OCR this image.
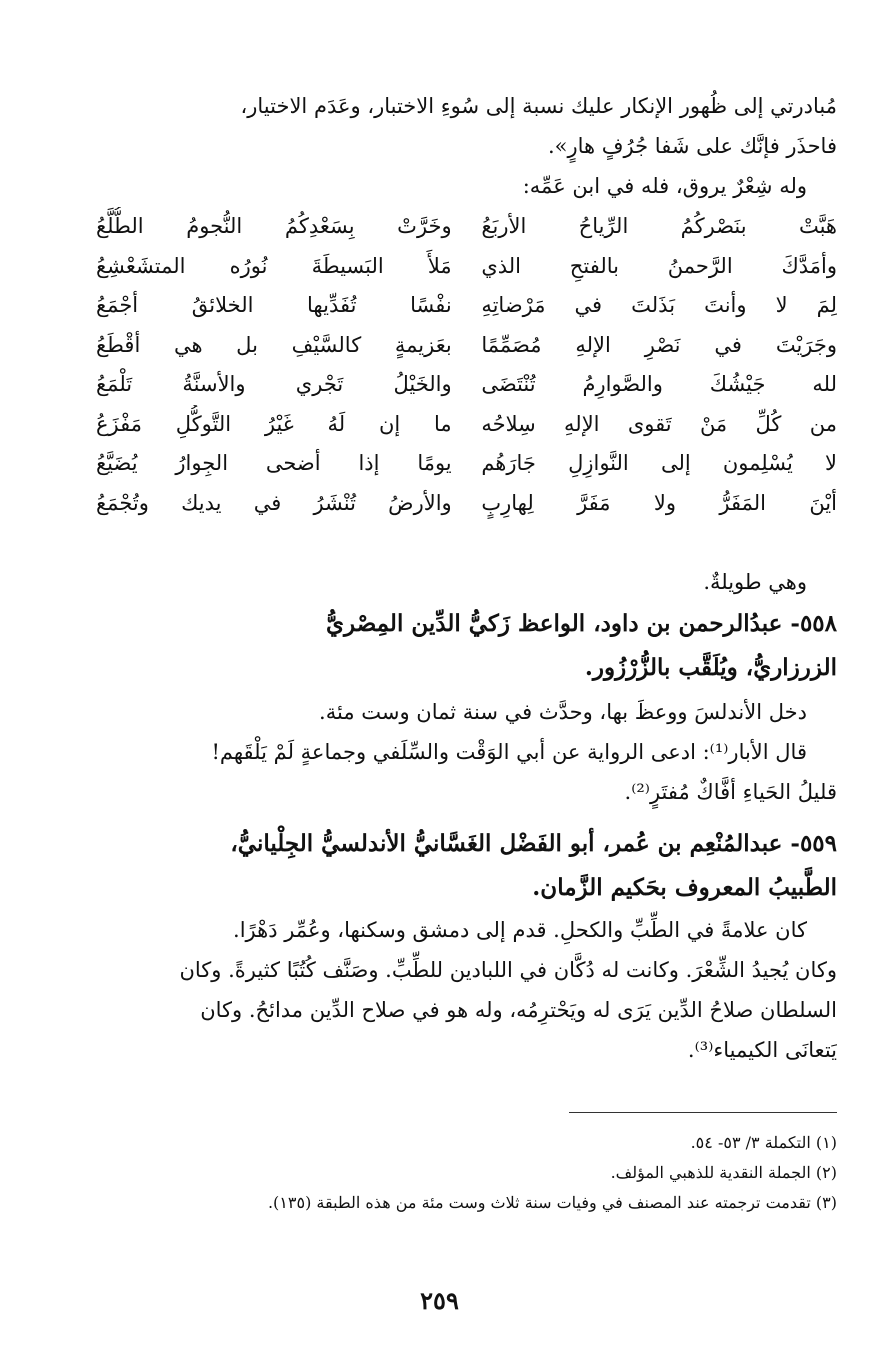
مُبادرتي إلى ظُهور الإنكار عليك نسبة إلى سُوءِ الاختبار، وعَدَم الاختيار،
فاحذَر فإنَّك على شَفا جُرُفٍ هارٍ».
وله شِعْرٌ يروق، فله في ابن عَمِّه:
هَبَّتْ بنَصْركُمُ الرِّياحُ الأربَعُ
وخَرَّتْ بِسَعْدِكُمُ النُّجومُ الطُّلَّعُ
وأمَدَّكَ الرَّحمنُ بالفتحِ الذي
مَلأَ البَسيطَةَ نُورُه المتشَعْشِعُ
لِمَ لا وأنتَ بَذَلتَ في مَرْضاتِهِ
نفْسًا تُفَدِّيها الخلائقُ أجْمَعُ
وجَرَيْتَ في نَصْرِ الإلهِ مُصَمِّمًا
بعَزيمةٍ كالسَّيْفِ بل هي أقْطَعُ
لله جَيْشُكَ والصَّوارِمُ تُنْتَضَى
والخَيْلُ تَجْري والأسنَّةُ تَلْمَعُ
من كُلِّ مَنْ تَقوى الإلهِ سِلاحُه
ما إن لَهُ غَيْرُ التَّوكُّلِ مَفْزَعُ
لا يُسْلِمون إلى النَّوازِلِ جَارَهُم
يومًا إذا أضحى الجِوارُ يُضَيَّعُ
أيْنَ المَفَرُّ ولا مَفَرَّ لِهارِبٍ
والأرضُ تُنْشَرُ في يديك وتُجْمَعُ
وهي طويلةٌ.
٥٥٨- عبدُالرحمن بن داود، الواعظ زَكيُّ الدِّين المِصْريُّ
الزرزاريُّ، ويُلَقَّب بالزُّرْزُور.
دخل الأندلسَ ووعظَ بها، وحدَّث في سنة ثمان وست مئة.
قال الأبار⁽¹⁾: ادعى الرواية عن أبي الوَقْت والسِّلَفي وجماعةٍ لَمْ يَلْقَهم!
قليلُ الحَياءِ أفَّاكٌ مُفتَرٍ⁽²⁾.
٥٥٩- عبدالمُنْعِم بن عُمر، أبو الفَضْل الغَسَّانيُّ الأندلسيُّ الجِلْيانيُّ،
الطَّبيبُ المعروف بحَكيم الزَّمان.
كان علامةً في الطِّبِّ والكحلِ. قدم إلى دمشق وسكنها، وعُمِّر دَهْرًا.
وكان يُجيدُ الشِّعْرَ. وكانت له دُكَّان في اللبادين للطِّبِّ. وصَنَّف كُتُبًا كثيرةً. وكان
السلطان صلاحُ الدِّين يَرَى له ويَحْترِمُه، وله هو في صلاح الدِّين مدائحُ. وكان
يَتعانَى الكيمياء⁽³⁾.
(١) التكملة ٣/ ٥٣- ٥٤.
(٢) الجملة النقدية للذهبي المؤلف.
(٣) تقدمت ترجمته عند المصنف في وفيات سنة ثلاث وست مئة من هذه الطبقة (١٣٥).
٢٥٩
